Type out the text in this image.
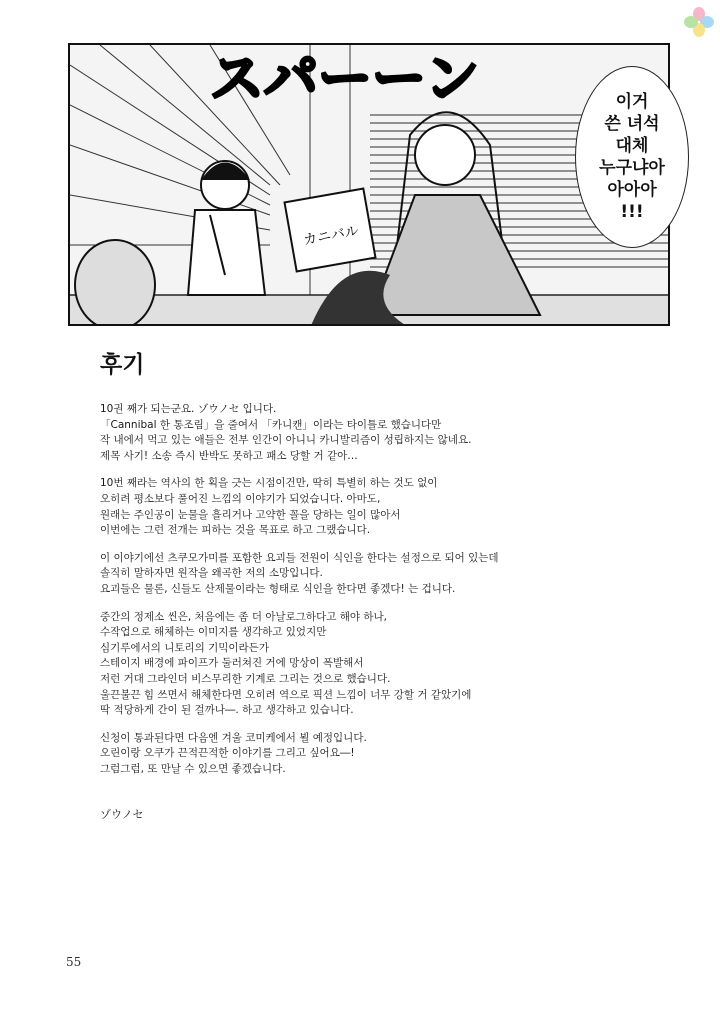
スパーーン
カニバル
이거
쓴 녀석
대체
누구냐아
아아아
!!!
후기
10권 째가 되는군요. ゾウノセ 입니다.
「Cannibal 한 통조림」을 줄여서 「카니캔」이라는 타이틀로 했습니다만
작 내에서 먹고 있는 애들은 전부 인간이 아니니 카니발리즘이 성립하지는 않네요.
제목 사기! 소송 즉시 반박도 못하고 패소 당할 거 같아…
10번 째라는 역사의 한 획을 긋는 시점이건만, 딱히 특별히 하는 것도 없이
오히려 평소보다 풀어진 느낌의 이야기가 되었습니다. 아마도,
원래는 주인공이 눈물을 흘리거나 고약한 꼴을 당하는 일이 많아서
이번에는 그런 전개는 피하는 것을 목표로 하고 그랬습니다.
이 이야기에선 츠쿠모가미를 포함한 요괴들 전원이 식인을 한다는 설정으로 되어 있는데
솔직히 말하자면 원작을 왜곡한 저의 소망입니다.
요괴들은 물론, 신들도 산제물이라는 형태로 식인을 한다면 좋겠다! 는 겁니다.
중간의 정제소 씬은, 처음에는 좀 더 아날로그하다고 해야 하나,
수작업으로 해체하는 이미지를 생각하고 있었지만
심기루에서의 니토리의 기믹이라든가
스테이지 배경에 파이프가 둘러쳐진 거에 망상이 폭발해서
저런 거대 그라인더 비스무리한 기계로 그리는 것으로 했습니다.
울끈불끈 힘 쓰면서 해체한다면 오히려 역으로 픽션 느낌이 너무 강할 거 같았기에
딱 적당하게 간이 된 걸까나―. 하고 생각하고 있습니다.
신청이 통과된다면 다음엔 겨울 코미케에서 뵐 예정입니다.
오린이랑 오쿠가 끈적끈적한 이야기를 그리고 싶어요―!
그럼그럼, 또 만날 수 있으면 좋겠습니다.
ゾウノセ
55
